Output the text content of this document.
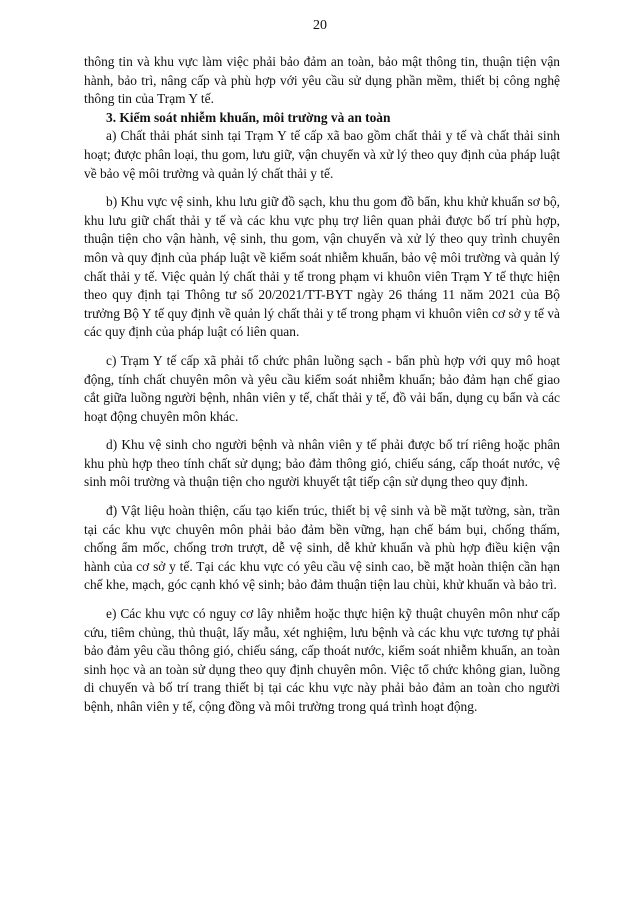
20

thông tin và khu vực làm việc phải bảo đảm an toàn, bảo mật thông tin, thuận tiện vận hành, bảo trì, nâng cấp và phù hợp với yêu cầu sử dụng phần mềm, thiết bị công nghệ thông tin của Trạm Y tế.

3. Kiểm soát nhiễm khuẩn, môi trường và an toàn

a) Chất thải phát sinh tại Trạm Y tế cấp xã bao gồm chất thải y tế và chất thải sinh hoạt; được phân loại, thu gom, lưu giữ, vận chuyển và xử lý theo quy định của pháp luật về bảo vệ môi trường và quản lý chất thải y tế.

b) Khu vực vệ sinh, khu lưu giữ đồ sạch, khu thu gom đồ bẩn, khu khử khuẩn sơ bộ, khu lưu giữ chất thải y tế và các khu vực phụ trợ liên quan phải được bố trí phù hợp, thuận tiện cho vận hành, vệ sinh, thu gom, vận chuyển và xử lý theo quy trình chuyên môn và quy định của pháp luật về kiểm soát nhiễm khuẩn, bảo vệ môi trường và quản lý chất thải y tế. Việc quản lý chất thải y tế trong phạm vi khuôn viên Trạm Y tế thực hiện theo quy định tại Thông tư số 20/2021/TT-BYT ngày 26 tháng 11 năm 2021 của Bộ trưởng Bộ Y tế quy định về quản lý chất thải y tế trong phạm vi khuôn viên cơ sở y tế và các quy định của pháp luật có liên quan.

c) Trạm Y tế cấp xã phải tổ chức phân luồng sạch - bẩn phù hợp với quy mô hoạt động, tính chất chuyên môn và yêu cầu kiểm soát nhiễm khuẩn; bảo đảm hạn chế giao cắt giữa luồng người bệnh, nhân viên y tế, chất thải y tế, đồ vải bẩn, dụng cụ bẩn và các hoạt động chuyên môn khác.

d) Khu vệ sinh cho người bệnh và nhân viên y tế phải được bố trí riêng hoặc phân khu phù hợp theo tính chất sử dụng; bảo đảm thông gió, chiếu sáng, cấp thoát nước, vệ sinh môi trường và thuận tiện cho người khuyết tật tiếp cận sử dụng theo quy định.

đ) Vật liệu hoàn thiện, cấu tạo kiến trúc, thiết bị vệ sinh và bề mặt tường, sàn, trần tại các khu vực chuyên môn phải bảo đảm bền vững, hạn chế bám bụi, chống thấm, chống ẩm mốc, chống trơn trượt, dễ vệ sinh, dễ khử khuẩn và phù hợp điều kiện vận hành của cơ sở y tế. Tại các khu vực có yêu cầu vệ sinh cao, bề mặt hoàn thiện cần hạn chế khe, mạch, góc cạnh khó vệ sinh; bảo đảm thuận tiện lau chùi, khử khuẩn và bảo trì.

e) Các khu vực có nguy cơ lây nhiễm hoặc thực hiện kỹ thuật chuyên môn như cấp cứu, tiêm chủng, thủ thuật, lấy mẫu, xét nghiệm, lưu bệnh và các khu vực tương tự phải bảo đảm yêu cầu thông gió, chiếu sáng, cấp thoát nước, kiểm soát nhiễm khuẩn, an toàn sinh học và an toàn sử dụng theo quy định chuyên môn. Việc tổ chức không gian, luồng di chuyển và bố trí trang thiết bị tại các khu vực này phải bảo đảm an toàn cho người bệnh, nhân viên y tế, cộng đồng và môi trường trong quá trình hoạt động.
